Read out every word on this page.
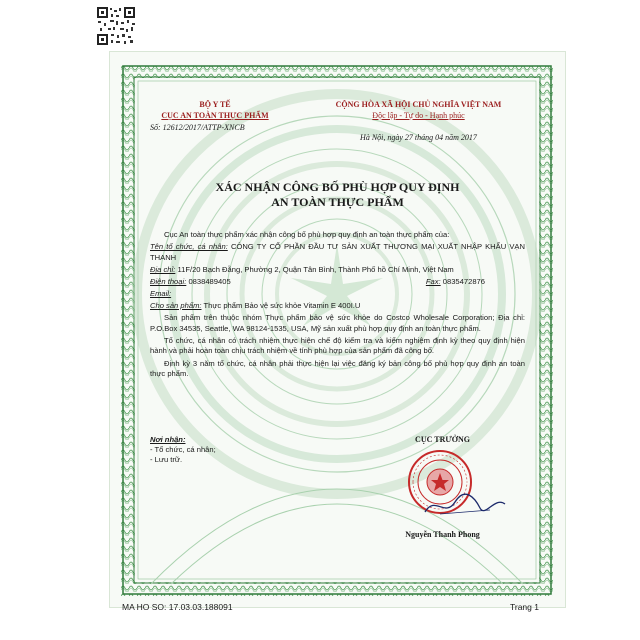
BỘ Y TẾ
CỤC AN TOÀN THỰC PHẨM
Số: 12612/2017/ATTP-XNCB
CỘNG HÒA XÃ HỘI CHỦ NGHĨA VIỆT NAM
Độc lập - Tự do - Hạnh phúc
Hà Nội, ngày 27 tháng 04 năm 2017
XÁC NHẬN CÔNG BỐ PHÙ HỢP QUY ĐỊNH
AN TOÀN THỰC PHẨM

Cục An toàn thực phẩm xác nhận công bố phù hợp quy định an toàn thực phẩm của:

Tên tổ chức, cá nhân: CÔNG TY CỔ PHẦN ĐẦU TƯ SẢN XUẤT THƯƠNG MẠI XUẤT NHẬP KHẨU VẠN THANH

Địa chỉ: 11F/20 Bạch Đằng, Phường 2, Quận Tân Bình, Thành Phố hồ Chí Minh, Việt Nam

Điện thoại: 0838489405	Fax: 0835472876

Email:

Cho sản phẩm: Thực phẩm Bảo vệ sức khỏe Vitamin E 400I.U

Sản phẩm trên thuộc nhóm Thực phẩm bảo vệ sức khỏe do Costco Wholesale Corporation; Địa chỉ: P.O.Box 34535, Seattle, WA 98124-1535, USA, Mỹ sản xuất phù hợp quy định an toàn thực phẩm.

Tổ chức, cá nhân có trách nhiệm thực hiện chế độ kiểm tra và kiểm nghiệm định kỳ theo quy định hiện hành và phải hoàn toàn chịu trách nhiệm về tính phù hợp của sản phẩm đã công bố.

Định kỳ 3 năm tổ chức, cá nhân phải thực hiện lại việc đăng ký bản công bố phù hợp quy định an toàn thực phẩm.

Nơi nhận:
- Tổ chức, cá nhân;
- Lưu trữ.
CỤC TRƯỞNG
Nguyễn Thanh Phong
MA HO SO: 17.03.03.188091	Trang 1
